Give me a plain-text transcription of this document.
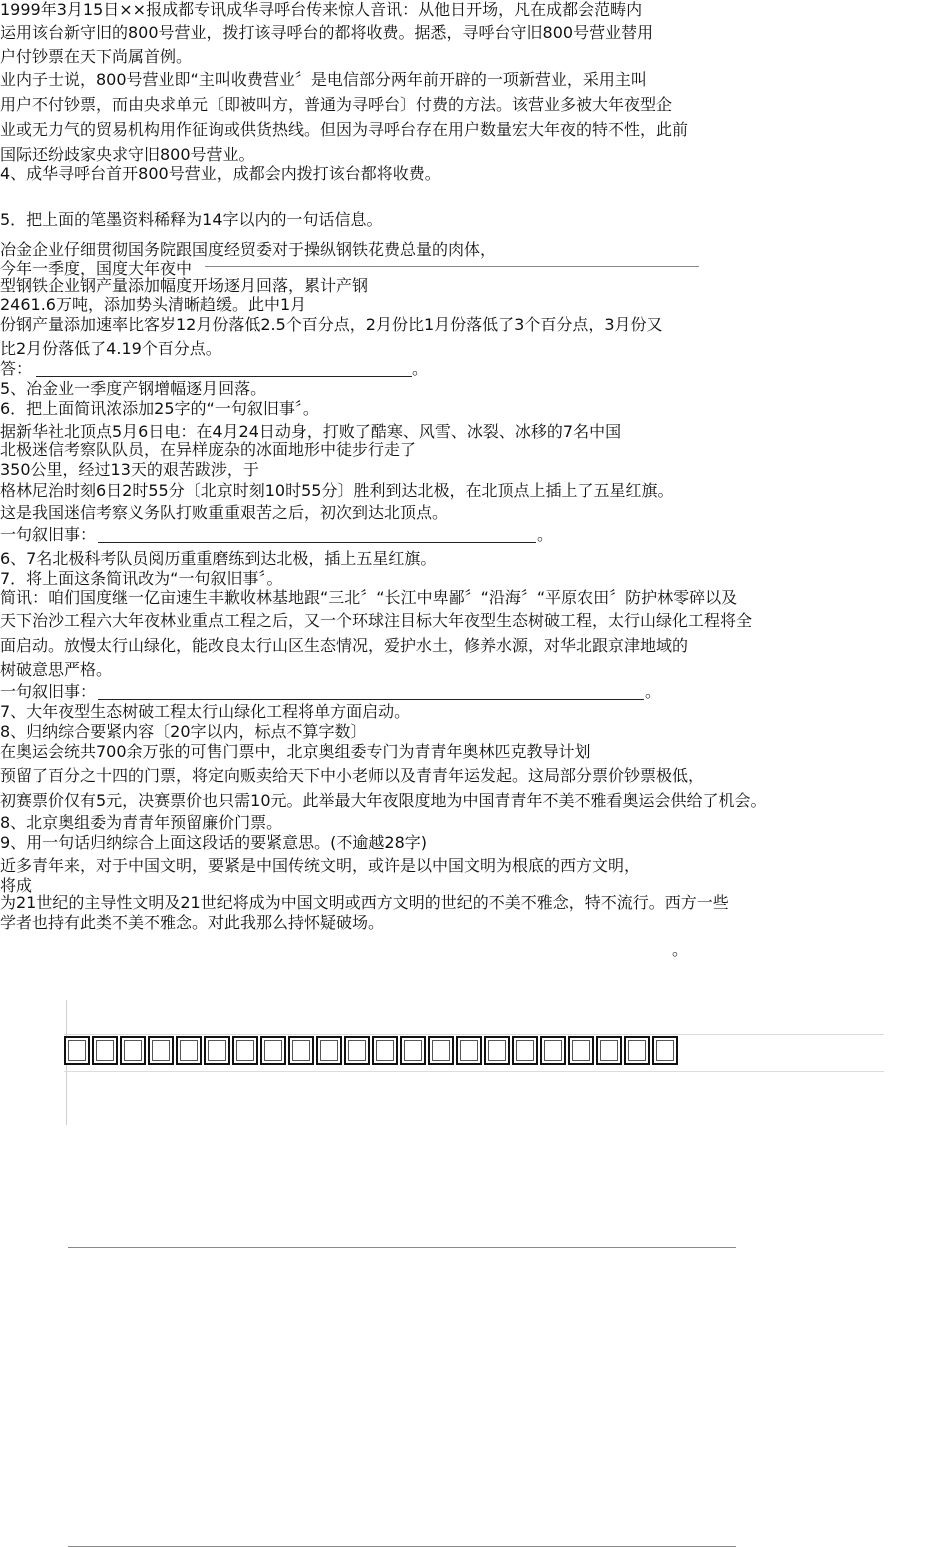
1999年3月15日××报成都专讯成华寻呼台传来惊人音讯：从他日开场，凡在成都会范畴内
运用该台新守旧的800号营业，拨打该寻呼台的都将收费。据悉，寻呼台守旧800号营业替用
户付钞票在天下尚属首例。
业内子士说，800号营业即“主叫收费营业〞是电信部分两年前开辟的一项新营业，采用主叫
用户不付钞票，而由央求单元〔即被叫方，普通为寻呼台〕付费的方法。该营业多被大年夜型企
业或无力气的贸易机构用作征询或供货热线。但因为寻呼台存在用户数量宏大年夜的特不性，此前
国际还纷歧家央求守旧800号营业。
4、成华寻呼台首开800号营业，成都会内拨打该台都将收费。
5．把上面的笔墨资料稀释为14字以内的一句话信息。
冶金企业仔细贯彻国务院跟国度经贸委对于操纵钢铁花费总量的肉体，
今年一季度，国度大年夜中
型钢铁企业钢产量添加幅度开场逐月回落，累计产钢
2461.6万吨，添加势头清晰趋缓。此中1月
份钢产量添加速率比客岁12月份落低2.5个百分点，2月份比1月份落低了3个百分点，3月份又
比2月份落低了4.19个百分点。
答：	。
5、冶金业一季度产钢增幅逐月回落。
6．把上面简讯浓添加25字的“一句叙旧事〞。
据新华社北顶点5月6日电：在4月24日动身，打败了酷寒、风雪、冰裂、冰移的7名中国
北极迷信考察队队员，在异样庞杂的冰面地形中徒步行走了
350公里，经过13天的艰苦跋涉，于
格林尼治时刻6日2时55分〔北京时刻10时55分〕胜利到达北极，在北顶点上插上了五星红旗。
这是我国迷信考察义务队打败重重艰苦之后，初次到达北顶点。
一句叙旧事：	。
6、7名北极科考队员阅历重重磨练到达北极，插上五星红旗。
7．将上面这条简讯改为“一句叙旧事〞。
简讯：咱们国度继一亿亩速生丰歉收林基地跟“三北〞“长江中卑鄙〞“沿海〞“平原农田〞防护林零碎以及
天下治沙工程六大年夜林业重点工程之后，又一个环球注目标大年夜型生态树破工程，太行山绿化工程将全
面启动。放慢太行山绿化，能改良太行山区生态情况，爱护水土，修养水源，对华北跟京津地域的
树破意思严格。
一句叙旧事：	。
7、大年夜型生态树破工程太行山绿化工程将单方面启动。
8、归纳综合要紧内容〔20字以内，标点不算字数〕
在奥运会统共700余万张的可售门票中，北京奥组委专门为青青年奥林匹克教导计划
预留了百分之十四的门票，将定向贩卖给天下中小老师以及青青年运发起。这局部分票价钞票极低，
初赛票价仅有5元，决赛票价也只需10元。此举最大年夜限度地为中国青青年不美不雅看奥运会供给了机会。
8、北京奥组委为青青年预留廉价门票。
9、用一句话归纳综合上面这段话的要紧意思。(不逾越28字)
近多青年来，对于中国文明，要紧是中国传统文明，或许是以中国文明为根底的西方文明，
将成
为21世纪的主导性文明及21世纪将成为中国文明或西方文明的世纪的不美不雅念，特不流行。西方一些
学者也持有此类不美不雅念。对此我那么持怀疑破场。
。
